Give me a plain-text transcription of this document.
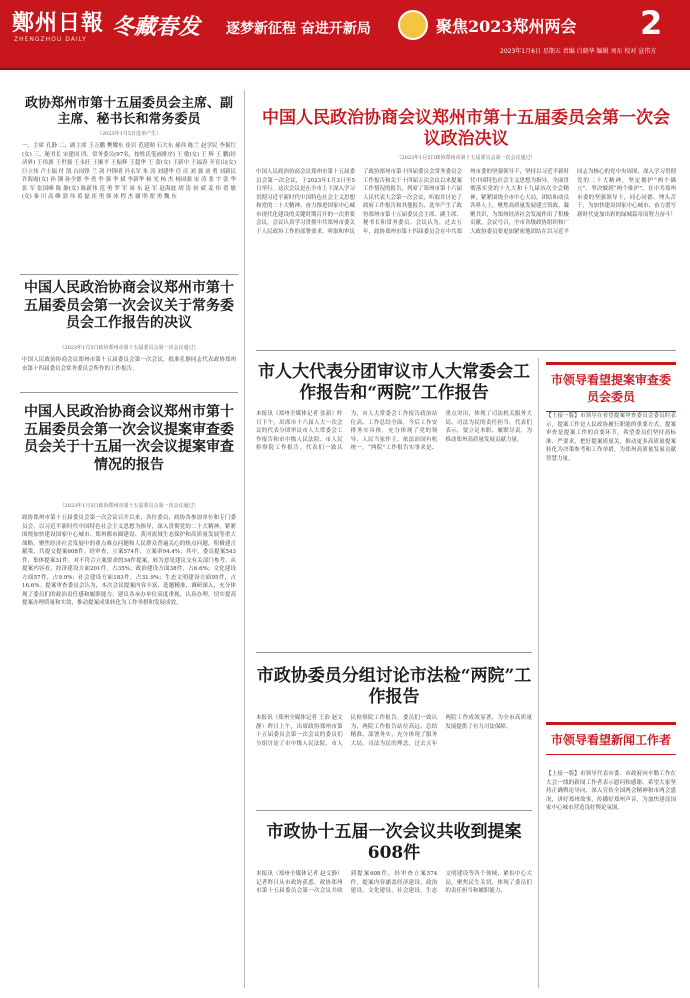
鄭州日報
ZHENGZHOU DAILY 冬藏春发 逐梦新征程 奋进开新局	聚焦2023郑州两会 2
2023年1月6日 星期五 责编 白晓华 编辑 刘东 校对 宣伟方
政协郑州市第十五届委员会主席、副主席、秘书长和常务委员
（2023年1月5日选举产生）
一、主席 孔静 二、副主席 王万鹏 樊耀东 崔岩 范建勋 石大东 郝伟 陈兰 赵学民 李振红(女) 三、秘书长 宋建国 四、常务委员(97名，按姓氏笔画排序) 王 敏(女) 王 辉 王 鹏(经济界) 王伟旗 王世强 王永旺 王顺平 王振辉 王超华 王 蕾(女) 王新中 王福春 开育山(女) 巨立伟 卢士瑞 付 凯 白岗锋 兰 剑 丹锋明 冯永军 朱 涛 刘建华 任 庆 刘 强 刘 勇 刘新民 许海霞(女) 孙 钢 孙全德 李 勇 李 强 李 斌 李新华 杨 光 杨 杰 杨国强 宋 涛 张 宇 张 华 张 军 张国峰 陈 静(女) 陈新伟 范 勇 罗 军 周 东 赵 军 赵海波 胡 涛 侯 斌 姜 伟 贺 敏(女) 秦 川 高 峰 郭 伟 黄 磊 崔 勇 韩 冰 程 杰 谢 明 翟 勇 魏 东
中国人民政治协商会议郑州市第十五届委员会第一次会议关于常务委员会工作报告的决议
（2023年1月5日政协郑州市第十五届委员会第一次会议通过）
中国人民政治协商会议郑州市第十五届委员会第一次会议，批准孔静同志代表政协郑州市第十四届委员会常务委员会所作的工作报告。
中国人民政治协商会议郑州市第十五届委员会第一次会议提案审查委员会关于十五届一次会议提案审查情况的报告
（2023年1月5日政协郑州市第十五届委员会第一次会议通过）
政协郑州市第十五届委员会第一次会议召开以来，各位委员、政协各参加单位和专门委员会，以习近平新时代中国特色社会主义思想为指导，深入贯彻党的二十大精神，紧紧围绕加快建设国家中心城市、郑州都市圈建设、黄河流域生态保护和高质量发展等重大战略，聚焦经济社会发展中的重点难点问题和人民群众普遍关心的热点问题，积极建言献策，共提交提案608件。经审查，立案574件，立案率94.4%；其中，委员提案543件，集体提案31件。对不符合立案要求的34件提案，转为意见建议交有关部门参考。从提案内容看，经济建设方面201件，占35%；政治建设方面38件，占6.6%；文化建设方面57件，占9.9%；社会建设方面183件，占31.9%；生态文明建设方面95件，占16.6%。提案审查委员会认为，本次会议提案内容丰富、选题精准、调研深入，充分体现了委员们的政治责任感和履职能力。建议各承办单位高度重视，认真办理，切实提高提案办理质量和实效，推动提案成果转化为工作举措和发展成效。
中国人民政治协商会议郑州市第十五届委员会第一次会议政治决议
（2023年1月5日政协郑州市第十五届委员会第一次会议通过）
中国人民政治协商会议郑州市第十五届委员会第一次会议，于2023年1月3日至5日举行。这次会议是在全市上下深入学习贯彻习近平新时代中国特色社会主义思想和党的二十大精神、奋力推进国家中心城市现代化建设的关键时期召开的一次重要会议。会议认真学习贯彻中共郑州市委关于人民政协工作的部署要求，听取和审议了政协郑州市第十四届委员会常务委员会工作报告和关于十四届五次会议以来提案工作情况的报告，列席了郑州市第十六届人民代表大会第一次会议，听取并讨论了政府工作报告和其他报告，选举产生了政协郑州市第十五届委员会主席、副主席、秘书长和常务委员。会议认为，过去五年，政协郑州市第十四届委员会在中共郑州市委的坚强领导下，坚持以习近平新时代中国特色社会主义思想为指导，全面贯彻落实党的十九大和十九届历次全会精神，紧紧围绕全市中心大局，团结和动员各界人士，聚焦高质量发展建言资政、凝聚共识，为郑州经济社会发展作出了积极贡献。会议号召，全市各级政协组织和广大政协委员要更加紧密地团结在以习近平同志为核心的党中央周围，深入学习贯彻党的二十大精神，坚定拥护“两个确立”、坚决做到“两个维护”，在中共郑州市委的坚强领导下，同心同德、埋头苦干，为加快建设国家中心城市、奋力谱写新时代更加出彩的绿城篇章而努力奋斗！
市人大代表分团审议市人大常委会工作报告和“两院”工作报告
本报讯（郑州全媒体记者 张新）昨日下午，出席市十六届人大一次会议的代表分团审议市人大常委会工作报告和市中级人民法院、市人民检察院工作报告。代表们一致认为，市人大常委会工作报告政治站位高、工作总结全面，今后工作安排务实具体，充分体现了党的领导、人民当家作主、依法治国有机统一。“两院”工作报告实事求是、重点突出，体现了司法机关服务大局、司法为民的责任担当。代表们表示，要立足本职、履职尽责，为推动郑州高质量发展贡献力量。
市政协委员分组讨论市法检“两院”工作报告
本报讯（郑州全媒体记者 王治 赵文静）昨日上午，出席政协郑州市第十五届委员会第一次会议的委员们分组讨论了市中级人民法院、市人民检察院工作报告。委员们一致认为，两院工作报告站位高远、总结精准、部署务实，充分体现了服务大局、司法为民的理念，过去五年两院工作成效显著，为全市高质量发展提供了有力司法保障。
市政协十五届一次会议共收到提案608件
本报讯（郑州全媒体记者 赵文静）记者昨日从市政协获悉，政协郑州市第十五届委员会第一次会议共收到提案608件，经审查立案574件。提案内容涵盖经济建设、政治建设、文化建设、社会建设、生态文明建设等各个领域，紧扣中心大局，聚焦民生关切，体现了委员们的责任担当和履职能力。
市领导看望提案审查委员会委员
【上接一版】市领导在看望提案审查委员会委员时表示，提案工作是人民政协履行职能的重要方式，提案审查是提案工作的首要环节。希望委员们坚持高标准、严要求，把好提案质量关，推动更多高质量提案转化为决策参考和工作举措，为郑州高质量发展贡献智慧力量。
市领导看望新闻工作者
【上接一版】市领导代表市委、市政府向辛勤工作在大会一线的新闻工作者表示慰问和感谢。希望大家坚持正确舆论导向，深入宣传全国两会精神和市两会盛况，讲好郑州故事，传播好郑州声音，为加快建设国家中心城市营造良好舆论氛围。
